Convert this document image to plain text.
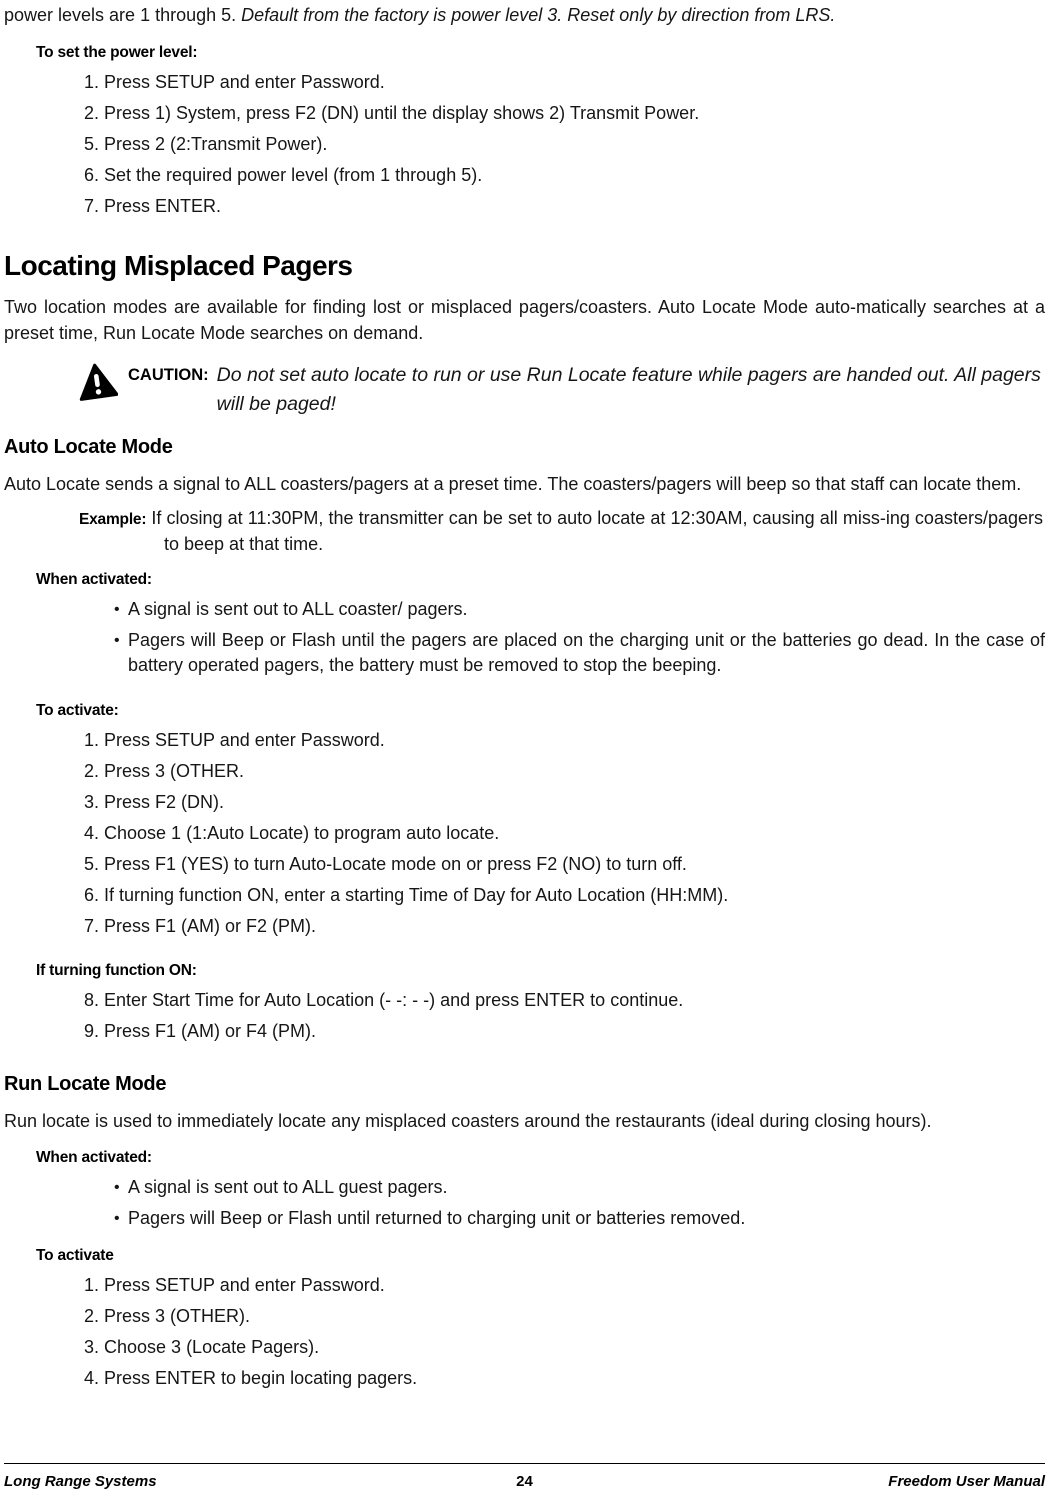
power levels are 1 through 5. Default from the factory is power level 3. Reset only by direction from LRS.

To set the power level:
1. Press SETUP and enter Password.
2. Press 1) System, press F2 (DN) until the display shows 2) Transmit Power.
5. Press 2 (2:Transmit Power).
6. Set the required power level (from 1 through 5).
7. Press ENTER.
Locating Misplaced Pagers

Two location modes are available for finding lost or misplaced pagers/coasters. Auto Locate Mode auto-matically searches at a preset time, Run Locate Mode searches on demand.

CAUTION: Do not set auto locate to run or use Run Locate feature while pagers are handed out. All pagers will be paged!
Auto Locate Mode

Auto Locate sends a signal to ALL coasters/pagers at a preset time. The coasters/pagers will beep so that staff can locate them.

Example: If closing at 11:30PM, the transmitter can be set to auto locate at 12:30AM, causing all miss-ing coasters/pagers to beep at that time.

When activated:
• A signal is sent out to ALL coaster/ pagers.
• Pagers will Beep or Flash until the pagers are placed on the charging unit or the batteries go dead. In the case of battery operated pagers, the battery must be removed to stop the beeping.
To activate:
1. Press SETUP and enter Password.
2. Press 3 (OTHER.
3. Press F2 (DN).
4. Choose 1 (1:Auto Locate) to program auto locate.
5. Press F1 (YES) to turn Auto-Locate mode on or press F2 (NO) to turn off.
6. If turning function ON, enter a starting Time of Day for Auto Location (HH:MM).
7. Press F1 (AM) or F2 (PM).
If turning function ON:
8. Enter Start Time for Auto Location (- -: - -) and press ENTER to continue.
9. Press F1 (AM) or F4 (PM).
Run Locate Mode

Run locate is used to immediately locate any misplaced coasters around the restaurants (ideal during closing hours).

When activated:
• A signal is sent out to ALL guest pagers.
• Pagers will Beep or Flash until returned to charging unit or batteries removed.
To activate
1. Press SETUP and enter Password.
2. Press 3 (OTHER).
3. Choose 3 (Locate Pagers).
4. Press ENTER to begin locating pagers.
Long Range Systems	24	Freedom User Manual
